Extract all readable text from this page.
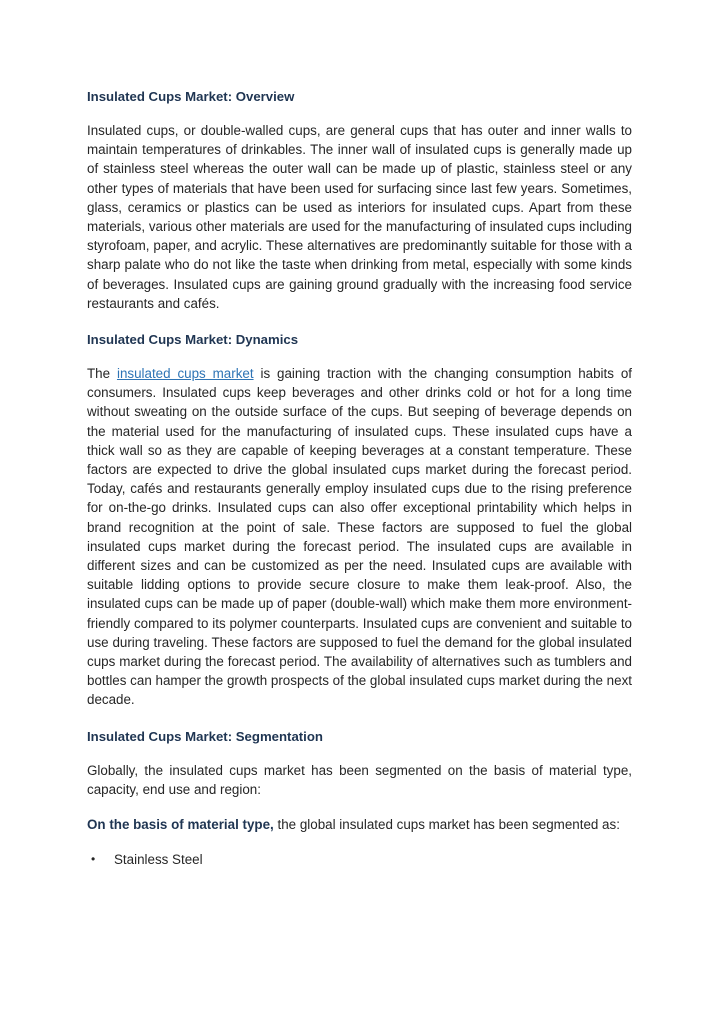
Insulated Cups Market: Overview

Insulated cups, or double-walled cups, are general cups that has outer and inner walls to maintain temperatures of drinkables. The inner wall of insulated cups is generally made up of stainless steel whereas the outer wall can be made up of plastic, stainless steel or any other types of materials that have been used for surfacing since last few years. Sometimes, glass, ceramics or plastics can be used as interiors for insulated cups. Apart from these materials, various other materials are used for the manufacturing of insulated cups including styrofoam, paper, and acrylic. These alternatives are predominantly suitable for those with a sharp palate who do not like the taste when drinking from metal, especially with some kinds of beverages. Insulated cups are gaining ground gradually with the increasing food service restaurants and cafés.

Insulated Cups Market: Dynamics

The insulated cups market is gaining traction with the changing consumption habits of consumers. Insulated cups keep beverages and other drinks cold or hot for a long time without sweating on the outside surface of the cups. But seeping of beverage depends on the material used for the manufacturing of insulated cups. These insulated cups have a thick wall so as they are capable of keeping beverages at a constant temperature. These factors are expected to drive the global insulated cups market during the forecast period. Today, cafés and restaurants generally employ insulated cups due to the rising preference for on-the-go drinks. Insulated cups can also offer exceptional printability which helps in brand recognition at the point of sale. These factors are supposed to fuel the global insulated cups market during the forecast period. The insulated cups are available in different sizes and can be customized as per the need. Insulated cups are available with suitable lidding options to provide secure closure to make them leak-proof. Also, the insulated cups can be made up of paper (double-wall) which make them more environment-friendly compared to its polymer counterparts. Insulated cups are convenient and suitable to use during traveling. These factors are supposed to fuel the demand for the global insulated cups market during the forecast period. The availability of alternatives such as tumblers and bottles can hamper the growth prospects of the global insulated cups market during the next decade.

Insulated Cups Market: Segmentation

Globally, the insulated cups market has been segmented on the basis of material type, capacity, end use and region:

On the basis of material type, the global insulated cups market has been segmented as:

• Stainless Steel
